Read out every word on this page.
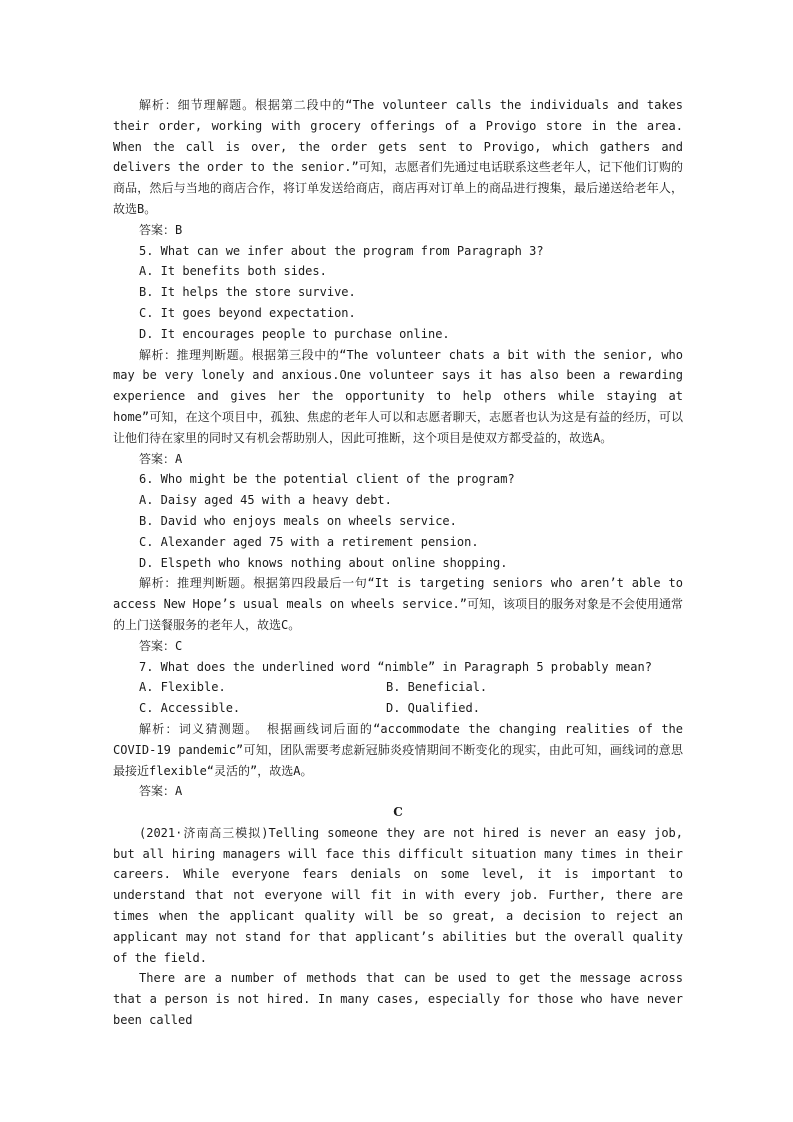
解析：细节理解题。根据第二段中的“The volunteer calls the individuals and takes their order, working with grocery offerings of a Provigo store in the area. When the call is over, the order gets sent to Provigo, which gathers and delivers the order to the senior.”可知，志愿者们先通过电话联系这些老年人，记下他们订购的商品，然后与当地的商店合作，将订单发送给商店，商店再对订单上的商品进行搜集，最后递送给老年人，故选B。

答案：B

5. What can we infer about the program from Paragraph 3?

A. It benefits both sides.

B. It helps the store survive.

C. It goes beyond expectation.

D. It encourages people to purchase online.

解析：推理判断题。根据第三段中的“The volunteer chats a bit with the senior, who may be very lonely and anxious.One volunteer says it has also been a rewarding experience and gives her the opportunity to help others while staying at home”可知，在这个项目中，孤独、焦虑的老年人可以和志愿者聊天，志愿者也认为这是有益的经历，可以让他们待在家里的同时又有机会帮助别人，因此可推断，这个项目是使双方都受益的，故选A。

答案：A

6. Who might be the potential client of the program?

A. Daisy aged 45 with a heavy debt.

B. David who enjoys meals on wheels service.

C. Alexander aged 75 with a retirement pension.

D. Elspeth who knows nothing about online shopping.

解析：推理判断题。根据第四段最后一句“It is targeting seniors who aren’t able to access New Hope’s usual meals on wheels service.”可知，该项目的服务对象是不会使用通常的上门送餐服务的老年人，故选C。

答案：C

7. What does the underlined word “nimble” in Paragraph 5 probably mean?

A. Flexible.	B. Beneficial.
C. Accessible.	D. Qualified.

解析：词义猜测题。 根据画线词后面的“accommodate the changing realities of the COVID-19 pandemic”可知，团队需要考虑新冠肺炎疫情期间不断变化的现实，由此可知，画线词的意思最接近flexible“灵活的”，故选A。

答案：A

C

(2021·济南高三模拟)Telling someone they are not hired is never an easy job, but all hiring managers will face this difficult situation many times in their careers. While everyone fears denials on some level, it is important to understand that not everyone will fit in with every job. Further, there are times when the applicant quality will be so great, a decision to reject an applicant may not stand for that applicant’s abilities but the overall quality of the field.

There are a number of methods that can be used to get the message across that a person is not hired. In many cases, especially for those who have never been called
